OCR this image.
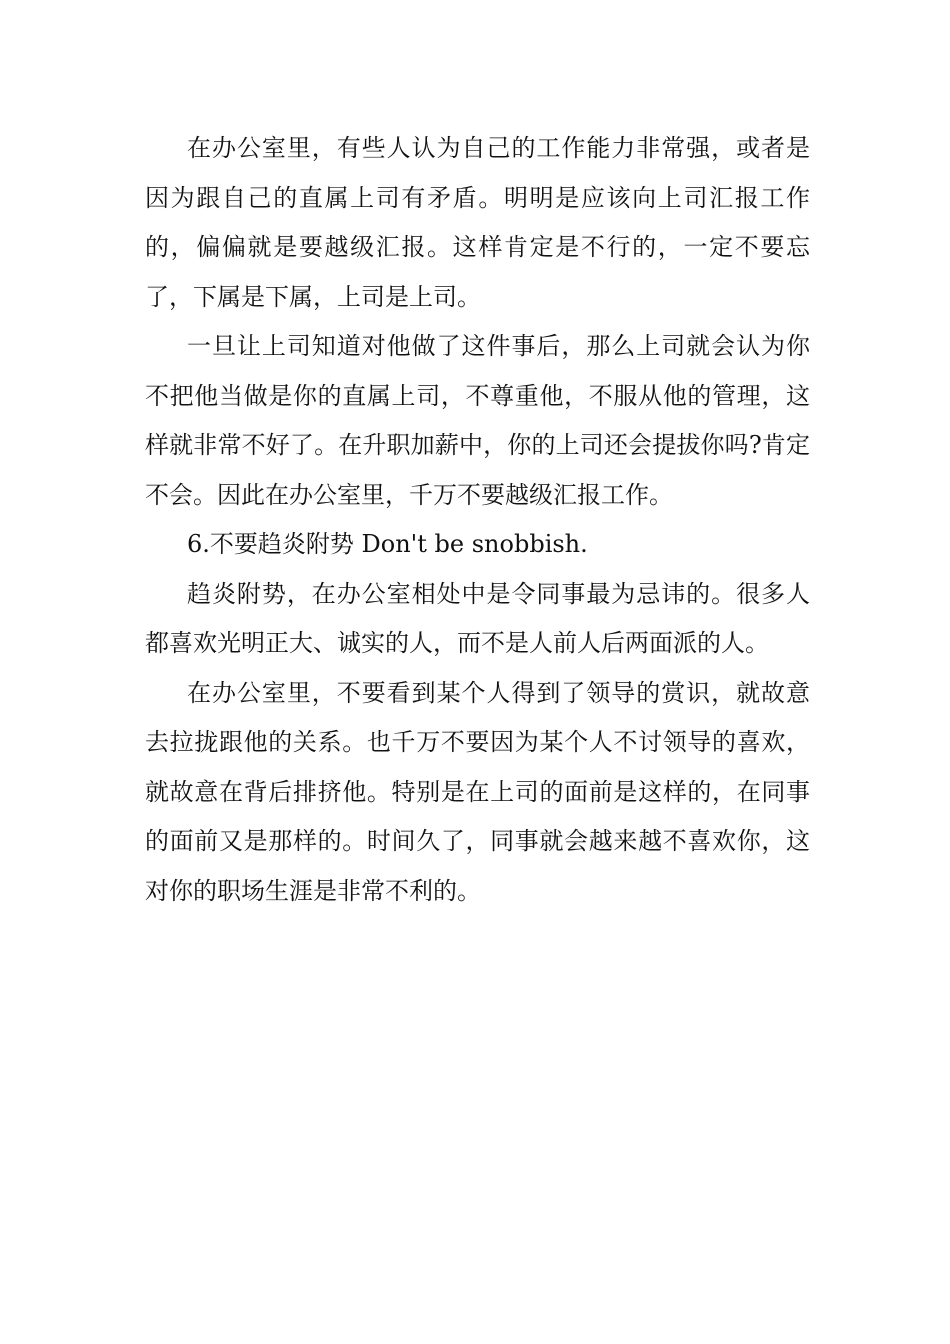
在办公室里，有些人认为自己的工作能力非常强，或者是因为跟自己的直属上司有矛盾。明明是应该向上司汇报工作的，偏偏就是要越级汇报。这样肯定是不行的，一定不要忘了，下属是下属，上司是上司。

一旦让上司知道对他做了这件事后，那么上司就会认为你不把他当做是你的直属上司，不尊重他，不服从他的管理，这样就非常不好了。在升职加薪中，你的上司还会提拔你吗?肯定不会。因此在办公室里，千万不要越级汇报工作。

6.不要趋炎附势 Don't be snobbish.

趋炎附势，在办公室相处中是令同事最为忌讳的。很多人都喜欢光明正大、诚实的人，而不是人前人后两面派的人。

在办公室里，不要看到某个人得到了领导的赏识，就故意去拉拢跟他的关系。也千万不要因为某个人不讨领导的喜欢，就故意在背后排挤他。特别是在上司的面前是这样的，在同事的面前又是那样的。时间久了，同事就会越来越不喜欢你，这对你的职场生涯是非常不利的。
